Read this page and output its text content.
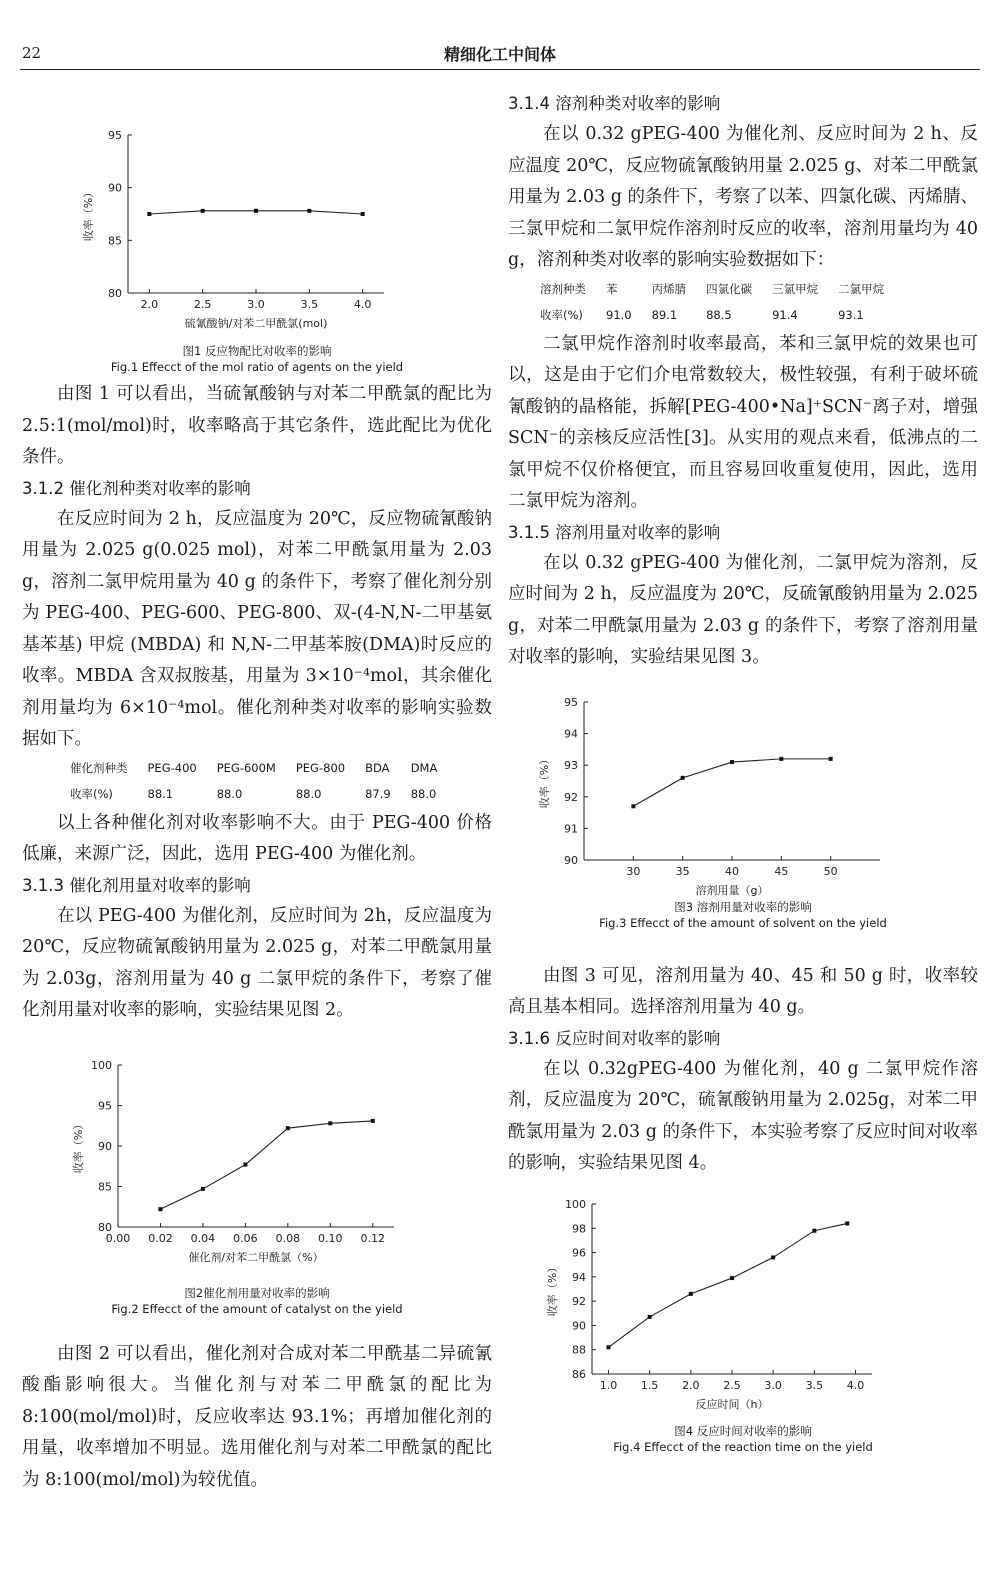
22	精细化工中间体
80
85
90
95
2.0	2.5	3.0	3.5	4.0
硫氰酸钠/对苯二甲酰氯(mol)
收率（%）
图1 反应物配比对收率的影响
Fig.1 Effecct of the mol ratio of agents on the yield

由图 1 可以看出，当硫氰酸钠与对苯二甲酰氯的配比为 2.5:1(mol/mol)时，收率略高于其它条件，选此配比为优化条件。

3.1.2 催化剂种类对收率的影响

在反应时间为 2 h，反应温度为 20℃，反应物硫氰酸钠用量为 2.025 g(0.025 mol)，对苯二甲酰氯用量为 2.03 g，溶剂二氯甲烷用量为 40 g 的条件下，考察了催化剂分别为 PEG-400、PEG-600、PEG-800、双-(4-N,N-二甲基氨基苯基) 甲烷 (MBDA) 和 N,N-二甲基苯胺(DMA)时反应的收率。MBDA 含双叔胺基，用量为 3×10⁻⁴mol，其余催化剂用量均为 6×10⁻⁴mol。催化剂种类对收率的影响实验数据如下。

催化剂种类	PEG-400	PEG-600M	PEG-800	BDA	DMA
收率(%)	88.1	88.0	88.0	87.9	88.0

以上各种催化剂对收率影响不大。由于 PEG-400 价格低廉，来源广泛，因此，选用 PEG-400 为催化剂。

3.1.3 催化剂用量对收率的影响

在以 PEG-400 为催化剂，反应时间为 2h，反应温度为 20℃，反应物硫氰酸钠用量为 2.025 g，对苯二甲酰氯用量为 2.03g，溶剂用量为 40 g 二氯甲烷的条件下，考察了催化剂用量对收率的影响，实验结果见图 2。

80
85
90
95
100
0.00 0.02 0.04 0.06 0.08 0.10 0.12
催化剂/对苯二甲酰氯（%）
收率（%）
图2催化剂用量对收率的影响
Fig.2 Effecct of the amount of catalyst on the yield

由图 2 可以看出，催化剂对合成对苯二甲酰基二异硫氰酸酯影响很大。当催化剂与对苯二甲酰氯的配比为 8:100(mol/mol)时，反应收率达 93.1%；再增加催化剂的用量，收率增加不明显。选用催化剂与对苯二甲酰氯的配比为 8:100(mol/mol)为较优值。

3.1.4 溶剂种类对收率的影响

在以 0.32 gPEG-400 为催化剂、反应时间为 2 h、反应温度 20℃，反应物硫氰酸钠用量 2.025 g、对苯二甲酰氯用量为 2.03 g 的条件下，考察了以苯、四氯化碳、丙烯腈、三氯甲烷和二氯甲烷作溶剂时反应的收率，溶剂用量均为 40 g，溶剂种类对收率的影响实验数据如下：

溶剂种类	苯	丙烯腈	四氯化碳	三氯甲烷	二氯甲烷
收率(%)	91.0	89.1	88.5	91.4	93.1

二氯甲烷作溶剂时收率最高，苯和三氯甲烷的效果也可以，这是由于它们介电常数较大，极性较强，有利于破坏硫氰酸钠的晶格能，拆解[PEG-400•Na]⁺SCN⁻离子对，增强 SCN⁻的亲核反应活性[3]。从实用的观点来看，低沸点的二氯甲烷不仅价格便宜，而且容易回收重复使用，因此，选用二氯甲烷为溶剂。

3.1.5 溶剂用量对收率的影响

在以 0.32 gPEG-400 为催化剂，二氯甲烷为溶剂，反应时间为 2 h，反应温度为 20℃，反硫氰酸钠用量为 2.025 g，对苯二甲酰氯用量为 2.03 g 的条件下，考察了溶剂用量对收率的影响，实验结果见图 3。

90
91
92
93
94
95
30	35	40	45	50
溶剂用量（g）
收率（%）
图3 溶剂用量对收率的影响
Fig.3 Effecct of the amount of solvent on the yield

由图 3 可见，溶剂用量为 40、45 和 50 g 时，收率较高且基本相同。选择溶剂用量为 40 g。

3.1.6 反应时间对收率的影响

在以 0.32gPEG-400 为催化剂，40 g 二氯甲烷作溶剂，反应温度为 20℃，硫氰酸钠用量为 2.025g，对苯二甲酰氯用量为 2.03 g 的条件下，本实验考察了反应时间对收率的影响，实验结果见图 4。

86
88
90
92
94
96
98
100
1.0 1.5 2.0 2.5 3.0 3.5 4.0
反应时间（h）
收率（%）
图4 反应时间对收率的影响
Fig.4 Effecct of the reaction time on the yield
